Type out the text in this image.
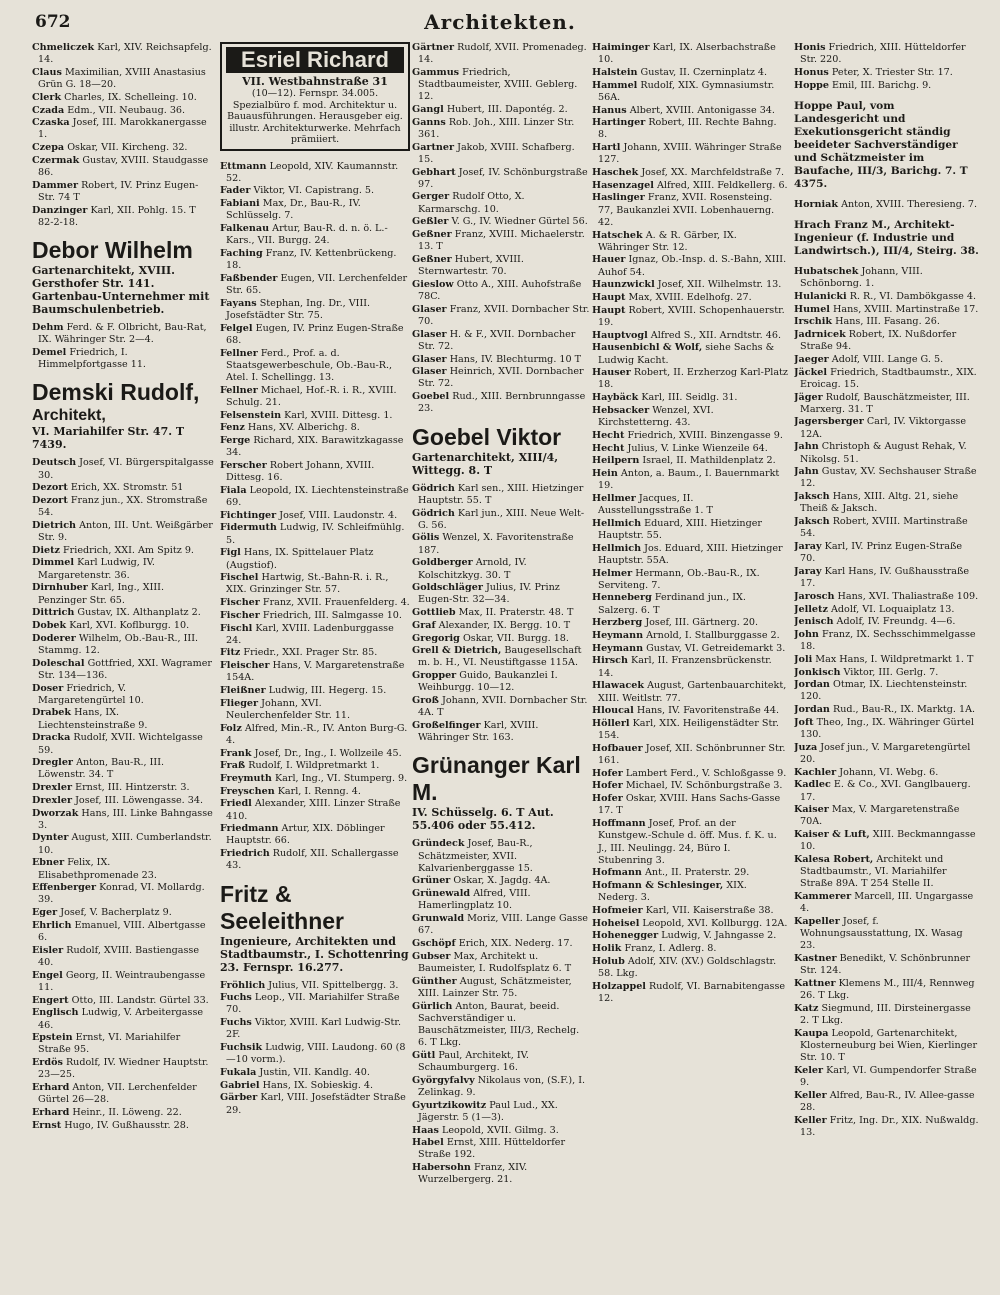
672	Architekten.
Chmeliczek Karl, XIV. Reichsapfelg. 14.
Claus Maximilian, XVIII Anastasius Grün G. 18—20.
Clerk Charles, IX. Schelleing. 10.
Czada Edm., VII. Neubaug. 36.
Czaska Josef, III. Marokkanergasse 1.
Czepa Oskar, VII. Kircheng. 32.
Czermak Gustav, XVIII. Staudgasse 86.
Dammer Robert, IV. Prinz Eugen-Str. 74 T
Danzinger Karl, XII. Pohlg. 15. T 82-2-18.
Debor Wilhelm
Gartenarchitekt, XVIII. Gersthofer Str. 141. Gartenbau-Unternehmer mit Baumschulenbetrieb.
Dehm Ferd. & F. Olbricht, Bau-Rat, IX. Währinger Str. 2—4.
Demel Friedrich, I. Himmelpfortgasse 11.
Demski Rudolf,
Architekt,
VI. Mariahilfer Str. 47. T 7439.
Deutsch Josef, VI. Bürgerspitalgasse 30.
Dezort Erich, XX. Stromstr. 51
Dezort Franz jun., XX. Stromstraße 54.
Dietrich Anton, III. Unt. Weißgärber Str. 9.
Dietz Friedrich, XXI. Am Spitz 9.
Dimmel Karl Ludwig, IV. Margaretenstr. 36.
Dirnhuber Karl, Ing., XIII. Penzinger Str. 65.
Dittrich Gustav, IX. Althanplatz 2.
Dobek Karl, XVI. Koflburgg. 10.
Doderer Wilhelm, Ob.-Bau-R., III. Stammg. 12.
Doleschal Gottfried, XXI. Wagramer Str. 134—136.
Doser Friedrich, V. Margaretengürtel 10.
Drabek Hans, IX. Liechtensteinstraße 9.
Dracka Rudolf, XVII. Wichtelgasse 59.
Dregler Anton, Bau-R., III. Löwenstr. 34. T
Drexler Ernst, III. Hintzerstr. 3.
Drexler Josef, III. Löwengasse. 34.
Dworzak Hans, III. Linke Bahngasse 3.
Dynter August, XIII. Cumberlandstr. 10.
Ebner Felix, IX. Elisabethpromenade 23.
Effenberger Konrad, VI. Mollardg. 39.
Eger Josef, V. Bacherplatz 9.
Ehrlich Emanuel, VIII. Albertgasse 6.
Eisler Rudolf, XVIII. Bastiengasse 40.
Engel Georg, II. Weintraubengasse 11.
Engert Otto, III. Landstr. Gürtel 33.
Englisch Ludwig, V. Arbeitergasse 46.
Epstein Ernst, VI. Mariahilfer Straße 95.
Erdös Rudolf, IV. Wiedner Hauptstr. 23—25.
Erhard Anton, VII. Lerchenfelder Gürtel 26—28.
Erhard Heinr., II. Löweng. 22.
Ernst Hugo, IV. Gußhausstr. 28.
Esriel Richard
VII. Westbahnstraße 31
(10—12). Fernspr. 34.005.
Spezialbüro f. mod. Architektur u. Bauausführungen. Herausgeber eig. illustr. Architekturwerke. Mehrfach prämiiert.
Ettmann Leopold, XIV. Kaumannstr. 52.
Fader Viktor, VI. Capistrang. 5.
Fabiani Max, Dr., Bau-R., IV. Schlüsselg. 7.
Falkenau Artur, Bau-R. d. n. ö. L.-Kars., VII. Burgg. 24.
Faching Franz, IV. Kettenbrückeng. 18.
Faßbender Eugen, VII. Lerchenfelder Str. 65.
Fayans Stephan, Ing. Dr., VIII. Josefstädter Str. 75.
Felgel Eugen, IV. Prinz Eugen-Straße 68.
Fellner Ferd., Prof. a. d. Staatsgewerbeschule, Ob.-Bau-R., Atel. I. Schellingg. 13.
Fellner Michael, Hof.-R. i. R., XVIII. Schulg. 21.
Felsenstein Karl, XVIII. Dittesg. 1.
Fenz Hans, XV. Alberichg. 8.
Ferge Richard, XIX. Barawitzkagasse 34.
Ferscher Robert Johann, XVIII. Dittesg. 16.
Fiala Leopold, IX. Liechtensteinstraße 69.
Fichtinger Josef, VIII. Laudonstr. 4.
Fidermuth Ludwig, IV. Schleifmühlg. 5.
Figl Hans, IX. Spittelauer Platz (Augstiof).
Fischel Hartwig, St.-Bahn-R. i. R., XIX. Grinzinger Str. 57.
Fischer Franz, XVII. Frauenfelderg. 4.
Fischer Friedrich, III. Salmgasse 10.
Fischl Karl, XVIII. Ladenburggasse 24.
Fitz Friedr., XXI. Prager Str. 85.
Fleischer Hans, V. Margaretenstraße 154A.
Fleißner Ludwig, III. Hegerg. 15.
Flieger Johann, XVI. Neulerchenfelder Str. 11.
Folz Alfred, Min.-R., IV. Anton Burg-G. 4.
Frank Josef, Dr., Ing., I. Wollzeile 45.
Fraß Rudolf, I. Wildpretmarkt 1.
Freymuth Karl, Ing., VI. Stumperg. 9.
Freyschen Karl, I. Renng. 4.
Friedl Alexander, XIII. Linzer Straße 410.
Friedmann Artur, XIX. Döblinger Hauptstr. 66.
Friedrich Rudolf, XII. Schallergasse 43.
Fritz & Seeleithner
Ingenieure, Architekten und Stadtbaumstr., I. Schottenring 23. Fernspr. 16.277.
Fröhlich Julius, VII. Spittelbergg. 3.
Fuchs Leop., VII. Mariahilfer Straße 70.
Fuchs Viktor, XVIII. Karl Ludwig-Str. 2F.
Fuchsik Ludwig, VIII. Laudong. 60 (8—10 vorm.).
Fukala Justin, VII. Kandlg. 40.
Gabriel Hans, IX. Sobieskig. 4.
Gärber Karl, VIII. Josefstädter Straße 29.
Gärtner Rudolf, XVII. Promenadeg. 14.
Gammus Friedrich, Stadtbaumeister, XVIII. Geblerg. 12.
Gangl Hubert, III. Dapontég. 2.
Ganns Rob. Joh., XIII. Linzer Str. 361.
Gartner Jakob, XVIII. Schafberg. 15.
Gebhart Josef, IV. Schönburgstraße 97.
Gerger Rudolf Otto, X. Karmarschg. 10.
Geßler V. G., IV. Wiedner Gürtel 56.
Geßner Franz, XVIII. Michaelerstr. 13. T
Geßner Hubert, XVIII. Sternwartestr. 70.
Gieslow Otto A., XIII. Auhofstraße 78C.
Glaser Franz, XVII. Dornbacher Str. 70.
Glaser H. & F., XVII. Dornbacher Str. 72.
Glaser Hans, IV. Blechturmg. 10 T
Glaser Heinrich, XVII. Dornbacher Str. 72.
Goebel Rud., XIII. Bernbrunngasse 23.
Goebel Viktor
Gartenarchitekt, XIII/4, Wittegg. 8. T
Gödrich Karl sen., XIII. Hietzinger Hauptstr. 55. T
Gödrich Karl jun., XIII. Neue Welt-G. 56.
Gölis Wenzel, X. Favoritenstraße 187.
Goldberger Arnold, IV. Kolschitzkyg. 30. T
Goldschläger Julius, IV. Prinz Eugen-Str. 32—34.
Gottlieb Max, II. Praterstr. 48. T
Graf Alexander, IX. Bergg. 10. T
Gregorig Oskar, VII. Burgg. 18.
Grell & Dietrich, Baugesellschaft m. b. H., VI. Neustiftgasse 115A.
Gropper Guido, Baukanzlei I. Weihburgg. 10—12.
Groß Johann, XVII. Dornbacher Str. 4A. T
Großelfinger Karl, XVIII. Währinger Str. 163.
Grünanger Karl M.
IV. Schüsselg. 6. T Aut. 55.406 oder 55.412.
Gründeck Josef, Bau-R., Schätzmeister, XVII. Kalvarienberggasse 15.
Grüner Oskar, X. Jagdg. 4A.
Grünewald Alfred, VIII. Hamerlingplatz 10.
Grunwald Moriz, VIII. Lange Gasse 67.
Gschöpf Erich, XIX. Nederg. 17.
Gubser Max, Architekt u. Baumeister, I. Rudolfsplatz 6. T
Günther August, Schätzmeister, XIII. Lainzer Str. 75.
Gürlich Anton, Baurat, beeid. Sachverständiger u. Bauschätzmeister, III/3, Rechelg. 6. T Lkg.
Gütl Paul, Architekt, IV. Schaumburgerg. 16.
Györgyfalvy Nikolaus von, (S.F.), I. Zelinkag. 9.
Gyurtzikowitz Paul Lud., XX. Jägerstr. 5 (1—3).
Haas Leopold, XVII. Gilmg. 3.
Habel Ernst, XIII. Hütteldorfer Straße 192.
Habersohn Franz, XIV. Wurzelbergerg. 21.
Haiminger Karl, IX. Alserbachstraße 10.
Halstein Gustav, II. Czerninplatz 4.
Hammel Rudolf, XIX. Gymnasiumstr. 56A.
Hanus Albert, XVIII. Antonigasse 34.
Hartinger Robert, III. Rechte Bahng. 8.
Hartl Johann, XVIII. Währinger Straße 127.
Haschek Josef, XX. Marchfeldstraße 7.
Hasenzagel Alfred, XIII. Feldkellerg. 6.
Haslinger Franz, XVII. Rosensteing. 77, Baukanzlei XVII. Lobenhauerng. 42.
Hatschek A. & R. Gärber, IX. Währinger Str. 12.
Hauer Ignaz, Ob.-Insp. d. S.-Bahn, XIII. Auhof 54.
Haunzwickl Josef, XII. Wilhelmstr. 13.
Haupt Max, XVIII. Edelhofg. 27.
Haupt Robert, XVIII. Schopenhauerstr. 19.
Hauptvogl Alfred S., XII. Arndtstr. 46.
Hausenbichl & Wolf, siehe Sachs & Ludwig Kacht.
Hauser Robert, II. Erzherzog Karl-Platz 18.
Haybäck Karl, III. Seidlg. 31.
Hebsacker Wenzel, XVI. Kirchstetterng. 43.
Hecht Friedrich, XVIII. Binzengasse 9.
Hecht Julius, V. Linke Wienzeile 64.
Heilpern Israel, II. Mathildenplatz 2.
Hein Anton, a. Baum., I. Bauernmarkt 19.
Hellmer Jacques, II. Ausstellungsstraße 1. T
Hellmich Eduard, XIII. Hietzinger Hauptstr. 55.
Hellmich Jos. Eduard, XIII. Hietzinger Hauptstr. 55A.
Helmer Hermann, Ob.-Bau-R., IX. Serviteng. 7.
Henneberg Ferdinand jun., IX. Salzerg. 6. T
Herzberg Josef, III. Gärtnerg. 20.
Heymann Arnold, I. Stallburggasse 2.
Heymann Gustav, VI. Getreidemarkt 3.
Hirsch Karl, II. Franzensbrückenstr. 14.
Hlawacek August, Gartenbauarchitekt, XIII. Weitlstr. 77.
Hloucal Hans, IV. Favoritenstraße 44.
Höllerl Karl, XIX. Heiligenstädter Str. 154.
Hofbauer Josef, XII. Schönbrunner Str. 161.
Hofer Lambert Ferd., V. Schloßgasse 9.
Hofer Michael, IV. Schönburgstraße 3.
Hofer Oskar, XVIII. Hans Sachs-Gasse 17. T
Hoffmann Josef, Prof. an der Kunstgew.-Schule d. öff. Mus. f. K. u. J., III. Neulingg. 24, Büro I. Stubenring 3.
Hofmann Ant., II. Praterstr. 29.
Hofmann & Schlesinger, XIX. Nederg. 3.
Hofmeier Karl, VII. Kaiserstraße 38.
Hoheisel Leopold, XVI. Kollburgg. 12A.
Hohenegger Ludwig, V. Jahngasse 2.
Holik Franz, I. Adlerg. 8.
Holub Adolf, XIV. (XV.) Goldschlagstr. 58. Lkg.
Holzappel Rudolf, VI. Barnabitengasse 12.
Honis Friedrich, XIII. Hütteldorfer Str. 220.
Honus Peter, X. Triester Str. 17.
Hoppe Emil, III. Barichg. 9.
Hoppe Paul, vom Landesgericht und Exekutionsgericht ständig beeideter Sachverständiger und Schätzmeister im Baufache, III/3, Barichg. 7. T 4375.
Horniak Anton, XVIII. Theresieng. 7.
Hrach Franz M., Architekt-Ingenieur (f. Industrie und Landwirtsch.), III/4, Steirg. 38.
Hubatschek Johann, VIII. Schönborng. 1.
Hulanicki R. R., VI. Dambökgasse 4.
Humel Hans, XVIII. Martinstraße 17.
Irschik Hans, III. Fasang. 26.
Jadrnicek Robert, IX. Nußdorfer Straße 94.
Jaeger Adolf, VIII. Lange G. 5.
Jäckel Friedrich, Stadtbaumstr., XIX. Eroicag. 15.
Jäger Rudolf, Bauschätzmeister, III. Marxerg. 31. T
Jagersberger Carl, IV. Viktorgasse 12A.
Jahn Christoph & August Rehak, V. Nikolsg. 51.
Jahn Gustav, XV. Sechshauser Straße 12.
Jaksch Hans, XIII. Altg. 21, siehe Theiß & Jaksch.
Jaksch Robert, XVIII. Martinstraße 54.
Jaray Karl, IV. Prinz Eugen-Straße 70.
Jaray Karl Hans, IV. Gußhausstraße 17.
Jarosch Hans, XVI. Thaliastraße 109.
Jelletz Adolf, VI. Loquaiplatz 13.
Jenisch Adolf, IV. Freundg. 4—6.
John Franz, IX. Sechsschimmelgasse 18.
Joli Max Hans, I. Wildpretmarkt 1. T
Jonkisch Viktor, III. Gerlg. 7.
Jordan Otmar, IX. Liechtensteinstr. 120.
Jordan Rud., Bau-R., IX. Marktg. 1A.
Joft Theo, Ing., IX. Währinger Gürtel 130.
Juza Josef jun., V. Margaretengürtel 20.
Kachler Johann, VI. Webg. 6.
Kadlec E. & Co., XVI. Ganglbauerg. 17.
Kaiser Max, V. Margaretenstraße 70A.
Kaiser & Luft, XIII. Beckmanngasse 10.
Kalesa Robert, Architekt und Stadtbaumstr., VI. Mariahilfer Straße 89A. T 254 Stelle II.
Kammerer Marcell, III. Ungargasse 4.
Kapeller Josef, f. Wohnungsausstattung, IX. Wasag 23.
Kastner Benedikt, V. Schönbrunner Str. 124.
Kattner Klemens M., III/4, Rennweg 26. T Lkg.
Katz Siegmund, III. Dirsteinergasse 2. T Lkg.
Kaupa Leopold, Gartenarchitekt, Klosterneuburg bei Wien, Kierlinger Str. 10. T
Keler Karl, VI. Gumpendorfer Straße 9.
Keller Alfred, Bau-R., IV. Allee-gasse 28.
Keller Fritz, Ing. Dr., XIX. Nußwaldg. 13.
